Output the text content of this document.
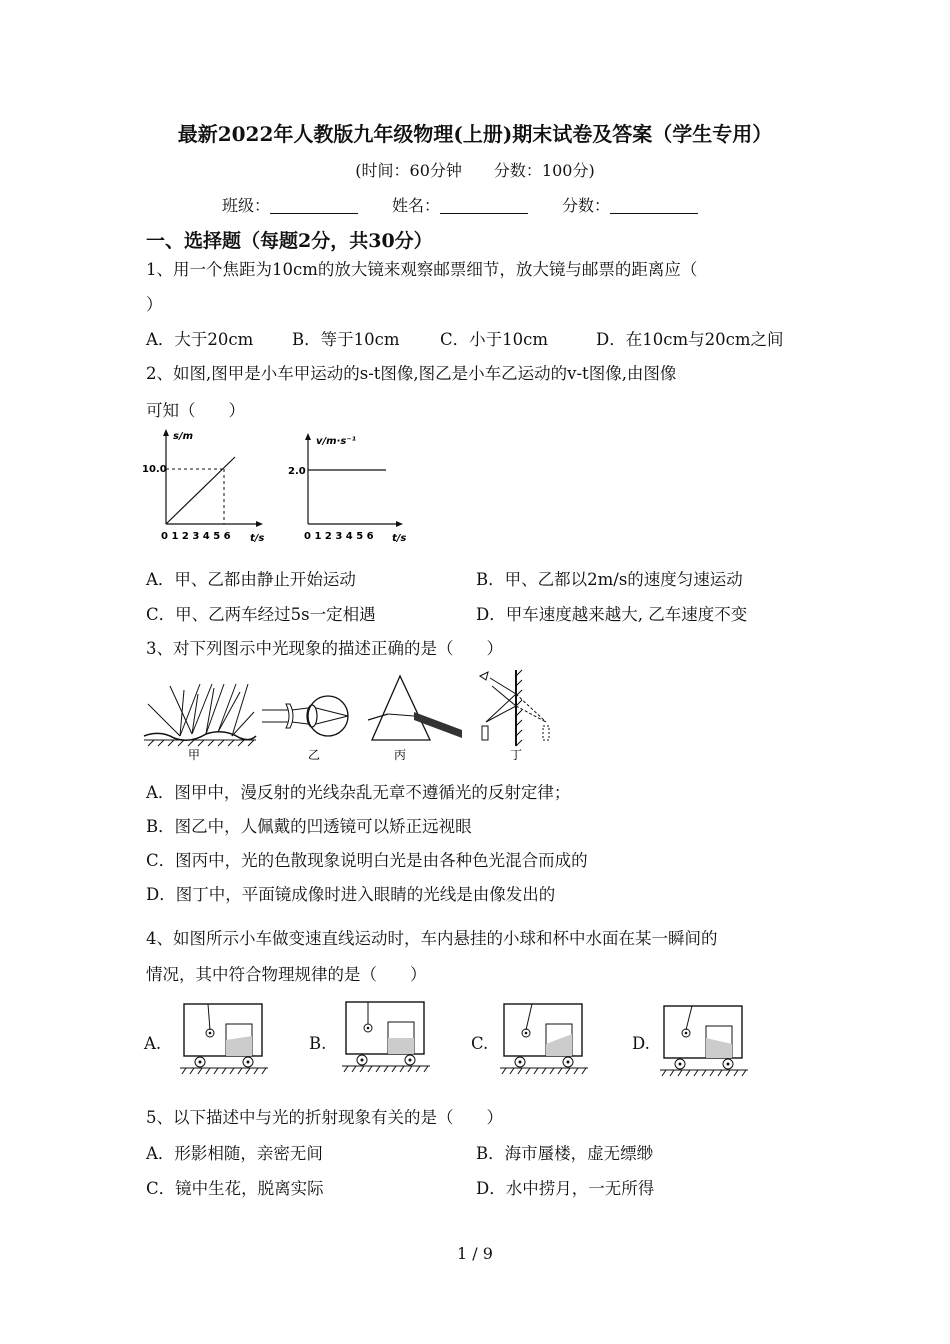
最新2022年人教版九年级物理(上册)期末试卷及答案（学生专用）
(时间：60分钟　　分数：100分)
班级：	姓名：	分数：
一、选择题（每题2分，共30分）
1、用一个焦距为10cm的放大镜来观察邮票细节，放大镜与邮票的距离应（
）
A．大于20cm B．等于10cm C．小于10cm	D．在10cm与20cm之间
2、如图,图甲是小车甲运动的s-t图像,图乙是小车乙运动的v-t图像,由图像
可知（　　）
s/m
10.0
0 1 2 3 4 5 6 t/s
v/m·s⁻¹
2.0
0 1 2 3 4 5 6 t/s
A．甲、乙都由静止开始运动	B．甲、乙都以2m/s的速度匀速运动
C．甲、乙两车经过5s一定相遇	D．甲车速度越来越大, 乙车速度不变
3、对下列图示中光现象的描述正确的是（　　）
甲	乙	丙	丁
A．图甲中，漫反射的光线杂乱无章不遵循光的反射定律；
B．图乙中，人佩戴的凹透镜可以矫正远视眼
C．图丙中，光的色散现象说明白光是由各种色光混合而成的
D．图丁中，平面镜成像时进入眼睛的光线是由像发出的
4、如图所示小车做变速直线运动时，车内悬挂的小球和杯中水面在某一瞬间的
情况，其中符合物理规律的是（　　）
A.	B.	C.	D.
5、以下描述中与光的折射现象有关的是（　　）
A．形影相随，亲密无间	B．海市蜃楼，虚无缥缈
C．镜中生花，脱离实际	D．水中捞月，一无所得
1 / 9
